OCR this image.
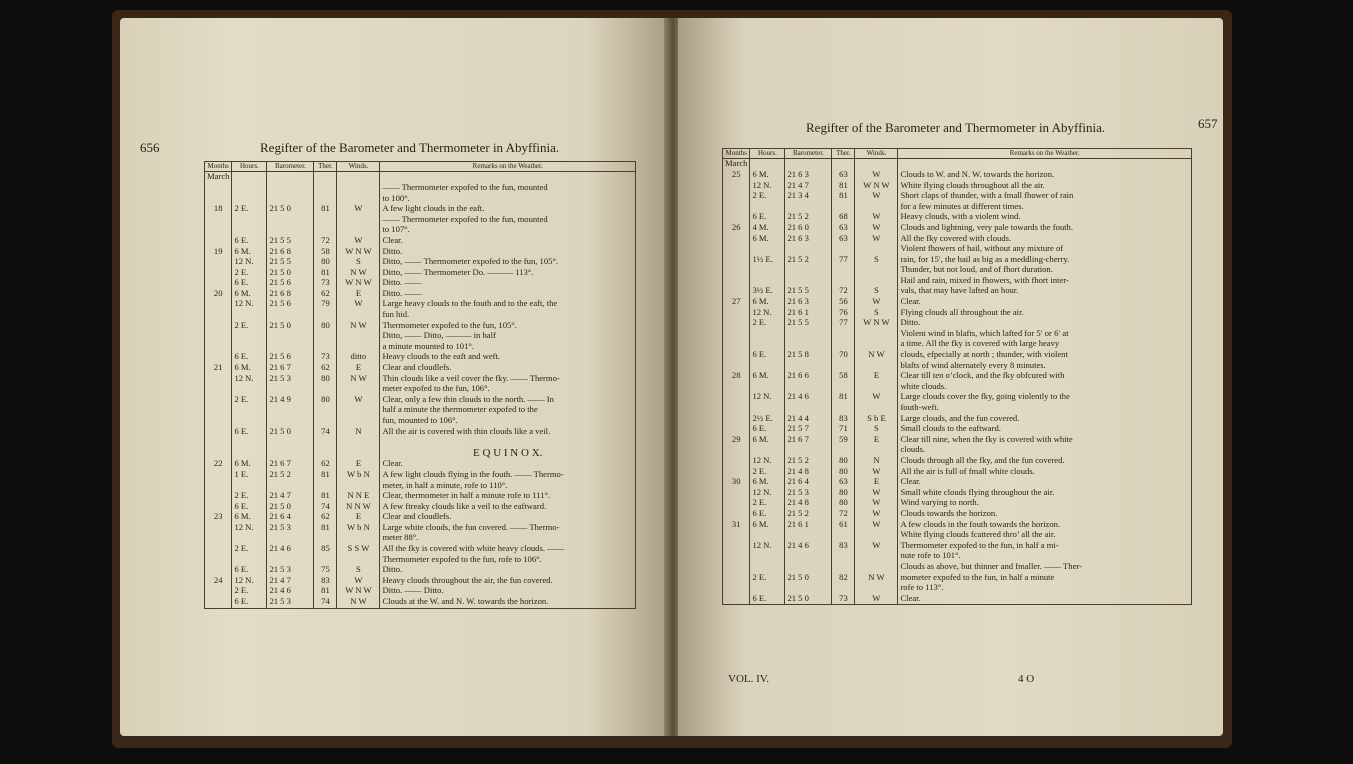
656	Regifter of the Barometer and Thermometer in Abyffinia.
Months	Hours.	Barometer.	Ther.	Winds.	Remarks on the Weather.
March					
					—— Thermometer expofed to the fun, mounted
					to 100°.
18	2 E.	21 5 0	81	W	A few light clouds in the eaft.
					—— Thermometer expofed to the fun, mounted
					to 107°.
	6 E.	21 5 5	72	W	Clear.
19	6 M.	21 6 8	58	W N W	Ditto.
	12 N.	21 5 5	80	S	Ditto, —— Thermometer expofed to the fun, 105°.
	2 E.	21 5 0	81	N W	Ditto, —— Thermometer Do. ——— 113°.
	6 E.	21 5 6	73	W N W	Ditto. ——
20	6 M.	21 6 8	62	E	Ditto. ——
	12 N.	21 5 6	79	W	Large heavy clouds to the fouth and to the eaft, the
					fun hid.
	2 E.	21 5 0	80	N W	Thermometer expofed to the fun, 105°.
					Ditto, —— Ditto, ——— in half
					a minute mounted to 101°.
	6 E.	21 5 6	73	ditto	Heavy clouds to the eaft and weft.
21	6 M.	21 6 7	62	E	Clear and cloudlefs.
	12 N.	21 5 3	80	N W	Thin clouds like a veil cover the fky. —— Thermo-
					meter expofed to the fun, 106°.
	2 E.	21 4 9	80	W	Clear, only a few thin clouds to the north. —— In
					half a minute the thermometer expofed to the
					fun, mounted to 106°.
	6 E.	21 5 0	74	N	All the air is covered with thin clouds like a veil.

					E Q U I N O X.
22	6 M.	21 6 7	62	E	Clear.
	1 E.	21 5 2	81	W b N	A few light clouds flying in the fouth. —— Thermo-
					meter, in half a minute, rofe to 110°.
	2 E.	21 4 7	81	N N E	Clear, thermometer in half a minute rofe to 111°.
	6 E.	21 5 0	74	N N W	A few ftreaky clouds like a veil to the eaftward.
23	6 M.	21 6 4	62	E	Clear and cloudlefs.
	12 N.	21 5 3	81	W b N	Large white clouds, the fun covered. —— Thermo-
					meter 88°.
	2 E.	21 4 6	85	S S W	All the fky is covered with white heavy clouds. ——
					Thermometer expofed to the fun, rofe to 106°.
	6 E.	21 5 3	75	S	Ditto.
24	12 N.	21 4 7	83	W	Heavy clouds throughout the air, the fun covered.
	2 E.	21 4 6	81	W N W	Ditto. —— Ditto.
	6 E.	21 5 3	74	N W	Clouds at the W. and N. W. towards the horizon.
Regifter of the Barometer and Thermometer in Abyffinia.	657
Months	Hours.	Barometer.	Ther.	Winds.	Remarks on the Weather.
March					
25	6 M.	21 6 3	63	W	Clouds to W. and N. W. towards the horizon.
	12 N.	21 4 7	81	W N W	White flying clouds throughout all the air.
	2 E.	21 3 4	81	W	Short claps of thunder, with a fmall fhower of rain
					for a few minutes at different times.
	6 E.	21 5 2	68	W	Heavy clouds, with a violent wind.
26	4 M.	21 6 0	63	W	Clouds and lightning, very pale towards the fouth.
	6 M.	21 6 3	63	W	All the fky covered with clouds.
					Violent fhowers of hail, without any mixture of
	1½ E.	21 5 2	77	S	rain, for 15′, the hail as big as a meddling-cherry.
					Thunder, but not loud, and of fhort duration.
					Hail and rain, mixed in fhowers, with fhort inter-
	3½ E.	21 5 5	72	S	vals, that may have lafted an hour.
27	6 M.	21 6 3	56	W	Clear.
	12 N.	21 6 1	76	S	Flying clouds all throughout the air.
	2 E.	21 5 5	77	W N W	Ditto.
					Violent wind in blafts, which lafted for 5′ or 6′ at
					a time. All the fky is covered with large heavy
	6 E.	21 5 8	70	N W	clouds, efpecially at north ; thunder, with violent
					blafts of wind alternately every 8 minutes.
28	6 M.	21 6 6	58	E	Clear till ten o’clock, and the fky obfcured with
					white clouds.
	12 N.	21 4 6	81	W	Large clouds cover the fky, going violently to the
					fouth-weft.
	2½ E.	21 4 4	83	S b E	Large clouds, and the fun covered.
	6 E.	21 5 7	71	S	Small clouds to the eaftward.
29	6 M.	21 6 7	59	E	Clear till nine, when the fky is covered with white
					clouds.
	12 N.	21 5 2	80	N	Clouds through all the fky, and the fun covered.
	2 E.	21 4 8	80	W	All the air is full of fmall white clouds.
30	6 M.	21 6 4	63	E	Clear.
	12 N.	21 5 3	80	W	Small white clouds flying throughout the air.
	2 E.	21 4 8	80	W	Wind varying to north.
	6 E.	21 5 2	72	W	Clouds towards the horizon.
31	6 M.	21 6 1	61	W	A few clouds in the fouth towards the horizon.
					White flying clouds fcattered thro’ all the air.
	12 N.	21 4 6	83	W	Thermometer expofed to the fun, in half a mi-
					nute rofe to 101°.
					Clouds as above, but thinner and fmaller. —— Ther-
	2 E.	21 5 0	82	N W	mometer expofed to the fun, in half a minute
					rofe to 113°.
	6 E.	21 5 0	73	W	Clear.
VOL. IV.	4 O
